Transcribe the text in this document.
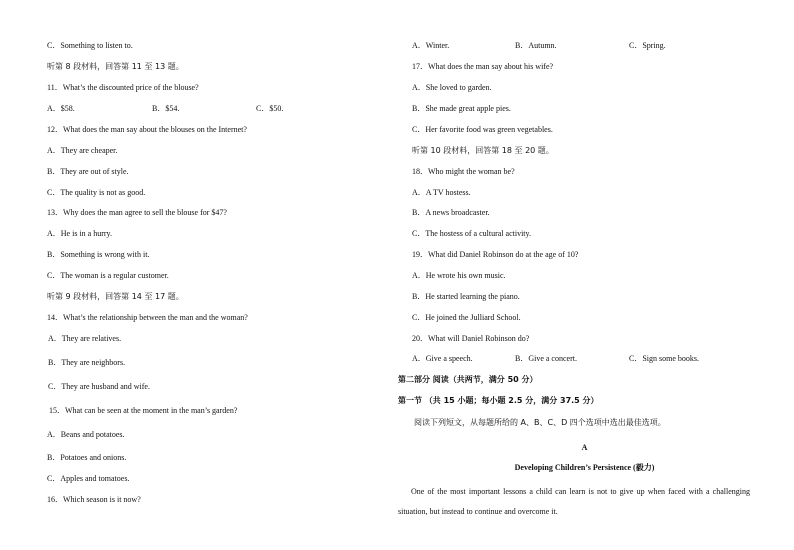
C．Something to listen to.
听第 8 段材料，回答第 11 至 13 题。
11．What’s the discounted price of the blouse?
A．$58.	B．$54.	C．$50.
12．What does the man say about the blouses on the Internet?
A．They are cheaper.
B．They are out of style.
C．The quality is not as good.
13．Why does the man agree to sell the blouse for $47?
A．He is in a hurry.
B．Something is wrong with it.
C．The woman is a regular customer.
听第 9 段材料，回答第 14 至 17 题。
14．What’s the relationship between the man and the woman?
A．They are relatives.
B．They are neighbors.
C．They are husband and wife.
15．What can be seen at the moment in the man’s garden?
A．Beans and potatoes.
B．Potatoes and onions.
C．Apples and tomatoes.
16．Which season is it now?
A．Winter.	B．Autumn.	C．Spring.
17．What does the man say about his wife?
A．She loved to garden.
B．She made great apple pies.
C．Her favorite food was green vegetables.
听第 10 段材料，回答第 18 至 20 题。
18．Who might the woman be?
A．A TV hostess.
B．A news broadcaster.
C．The hostess of a cultural activity.
19．What did Daniel Robinson do at the age of 10?
A．He wrote his own music.
B．He started learning the piano.
C．He joined the Julliard School.
20．What will Daniel Robinson do?
A．Give a speech.	B．Give a concert.	C．Sign some books.
第二部分 阅读（共两节，满分 50 分）
第一节 （共 15 小题；每小题 2.5 分，满分 37.5 分）
阅读下列短文，从每题所给的 A、B、C、D 四个选项中选出最佳选项。
A
Developing Children’s Persistence (毅力)
One of the most important lessons a child can learn is not to give up when faced with a challenging situation, but instead to continue and overcome it.
